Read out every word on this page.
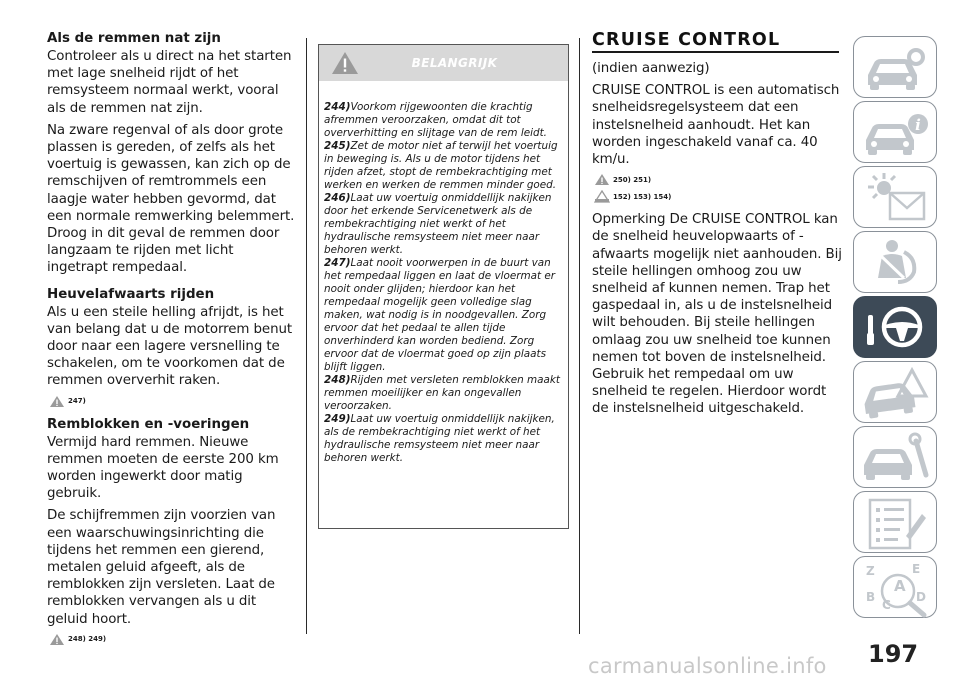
Als de remmen nat zijn

Controleer als u direct na het starten met lage snelheid rijdt of het remsysteem normaal werkt, vooral als de remmen nat zijn.

Na zware regenval of als door grote plassen is gereden, of zelfs als het voertuig is gewassen, kan zich op de remschijven of remtrommels een laagje water hebben gevormd, dat een normale remwerking belemmert. Droog in dit geval de remmen door langzaam te rijden met licht ingetrapt rempedaal.

Heuvelafwaarts rijden

Als u een steile helling afrijdt, is het van belang dat u de motorrem benut door naar een lagere versnelling te schakelen, om te voorkomen dat de remmen oververhit raken.

247)
Remblokken en -voeringen

Vermijd hard remmen. Nieuwe remmen moeten de eerste 200 km worden ingewerkt door matig gebruik.

De schijfremmen zijn voorzien van een waarschuwingsinrichting die tijdens het remmen een gierend, metalen geluid afgeeft, als de remblokken zijn versleten. Laat de remblokken vervangen als u dit geluid hoort.

248) 249)
BELANGRIJK

244)Voorkom rijgewoonten die krachtig afremmen veroorzaken, omdat dit tot oververhitting en slijtage van de rem leidt.

245)Zet de motor niet af terwijl het voertuig in beweging is. Als u de motor tijdens het rijden afzet, stopt de rembekrachtiging met werken en werken de remmen minder goed.

246)Laat uw voertuig onmiddellijk nakijken door het erkende Servicenetwerk als de rembekrachtiging niet werkt of het hydraulische remsysteem niet meer naar behoren werkt.

247)Laat nooit voorwerpen in de buurt van het rempedaal liggen en laat de vloermat er nooit onder glijden; hierdoor kan het rempedaal mogelijk geen volledige slag maken, wat nodig is in noodgevallen. Zorg ervoor dat het pedaal te allen tijde onverhinderd kan worden bediend. Zorg ervoor dat de vloermat goed op zijn plaats blijft liggen.

248)Rijden met versleten remblokken maakt remmen moeilijker en kan ongevallen veroorzaken.

249)Laat uw voertuig onmiddellijk nakijken, als de rembekrachtiging niet werkt of het hydraulische remsysteem niet meer naar behoren werkt.

CRUISE CONTROL

(indien aanwezig)

CRUISE CONTROL is een automatisch snelheidsregelsysteem dat een instelsnelheid aanhoudt. Het kan worden ingeschakeld vanaf ca. 40 km/u.

250) 251)
152) 153) 154)

Opmerking De CRUISE CONTROL kan de snelheid heuvelopwaarts of -afwaarts mogelijk niet aanhouden. Bij steile hellingen omhoog zou uw snelheid af kunnen nemen. Trap het gaspedaal in, als u de instelsnelheid wilt behouden. Bij steile hellingen omlaag zou uw snelheid toe kunnen nemen tot boven de instelsnelheid. Gebruik het rempedaal om uw snelheid te regelen. Hierdoor wordt de instelsnelheid uitgeschakeld.

i
Z	E
A
B
C
D
197
carmanualsonline.info
